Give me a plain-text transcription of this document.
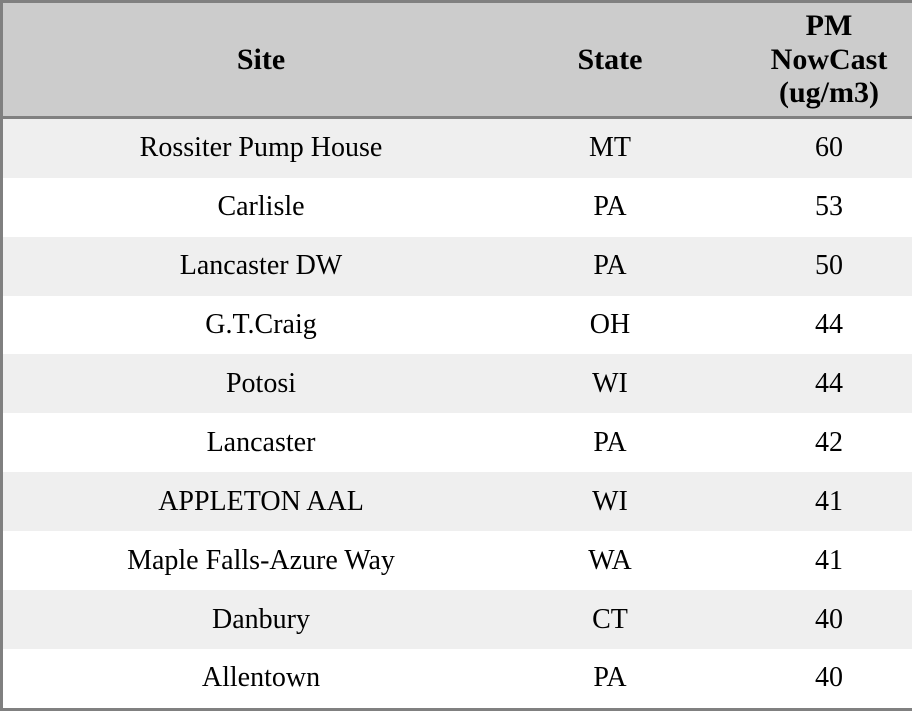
Site	State	PM
NowCast
(ug/m3)

Rossiter Pump House	MT	60
Carlisle	PA	53
Lancaster DW	PA	50
G.T.Craig	OH	44
Potosi	WI	44
Lancaster	PA	42
APPLETON AAL	WI	41
Maple Falls-Azure Way	WA	41
Danbury	CT	40
Allentown	PA	40
